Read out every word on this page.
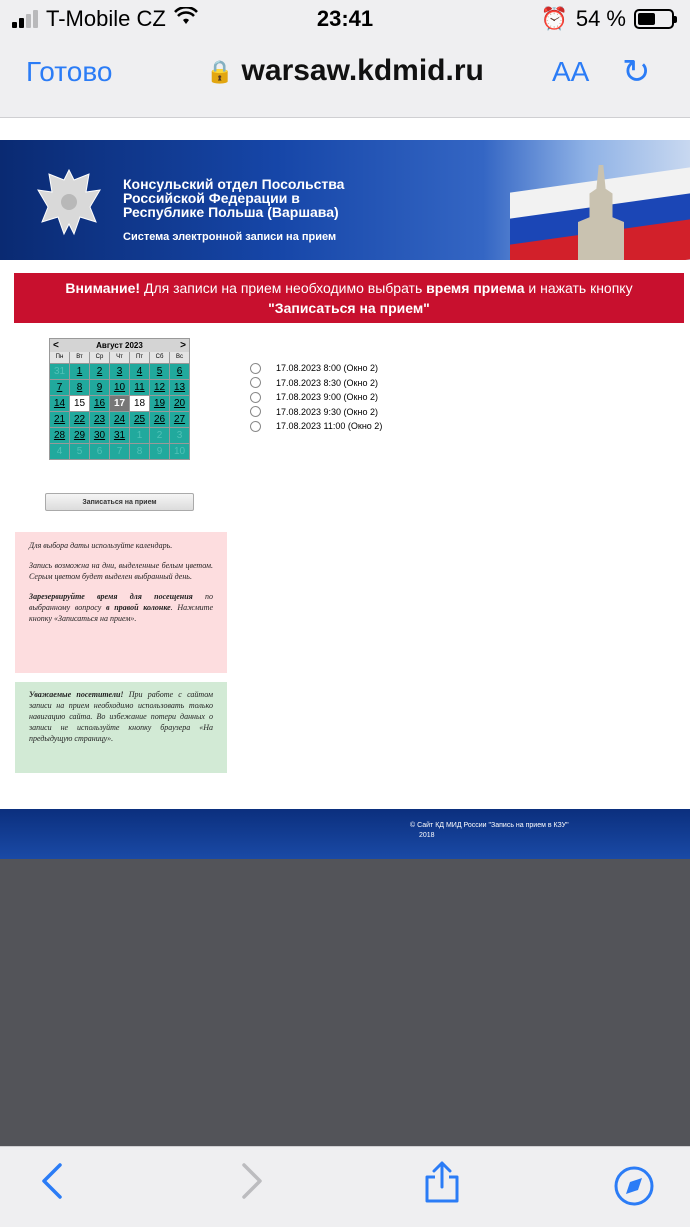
T-Mobile CZ	23:41	⏰ 54 %
Готово	🔒 warsaw.kdmid.ru	AA ↻
Консульский отдел Посольства Российской Федерации в Республике Польша (Варшава)
Система электронной записи на прием
Внимание! Для записи на прием необходимо выбрать время приема и нажать кнопку
"Записаться на прием"
<	Август 2023	>
Пн	Вт	Ср	Чт	Пт	Сб	Вс
31	1	2	3	4	5	6
7	8	9	10 11 12 13
14 15 16 17 18 19 20
21 22 23 24 25 26 27
28 29 30 31	1	2	3
4	5	6	7	8	9	10
Записаться на прием
17.08.2023 8:00 (Окно 2)
17.08.2023 8:30 (Окно 2)
17.08.2023 9:00 (Окно 2)
17.08.2023 9:30 (Окно 2)
17.08.2023 11:00 (Окно 2)

Для выбора даты используйте календарь.

Запись возможна на дни, выделенные белым цветом. Серым цветом будет выделен выбранный день.

Зарезервируйте время для посещения по выбранному вопросу в правой колонке. Нажмите кнопку «Записаться на прием».

Уважаемые посетители! При работе с сайтом записи на прием необходимо использовать только навигацию сайта. Во избежание потери данных о записи не используйте кнопку браузера «На предыдущую страницу».
© Сайт КД МИД России "Запись на прием в КЗУ"
2018
